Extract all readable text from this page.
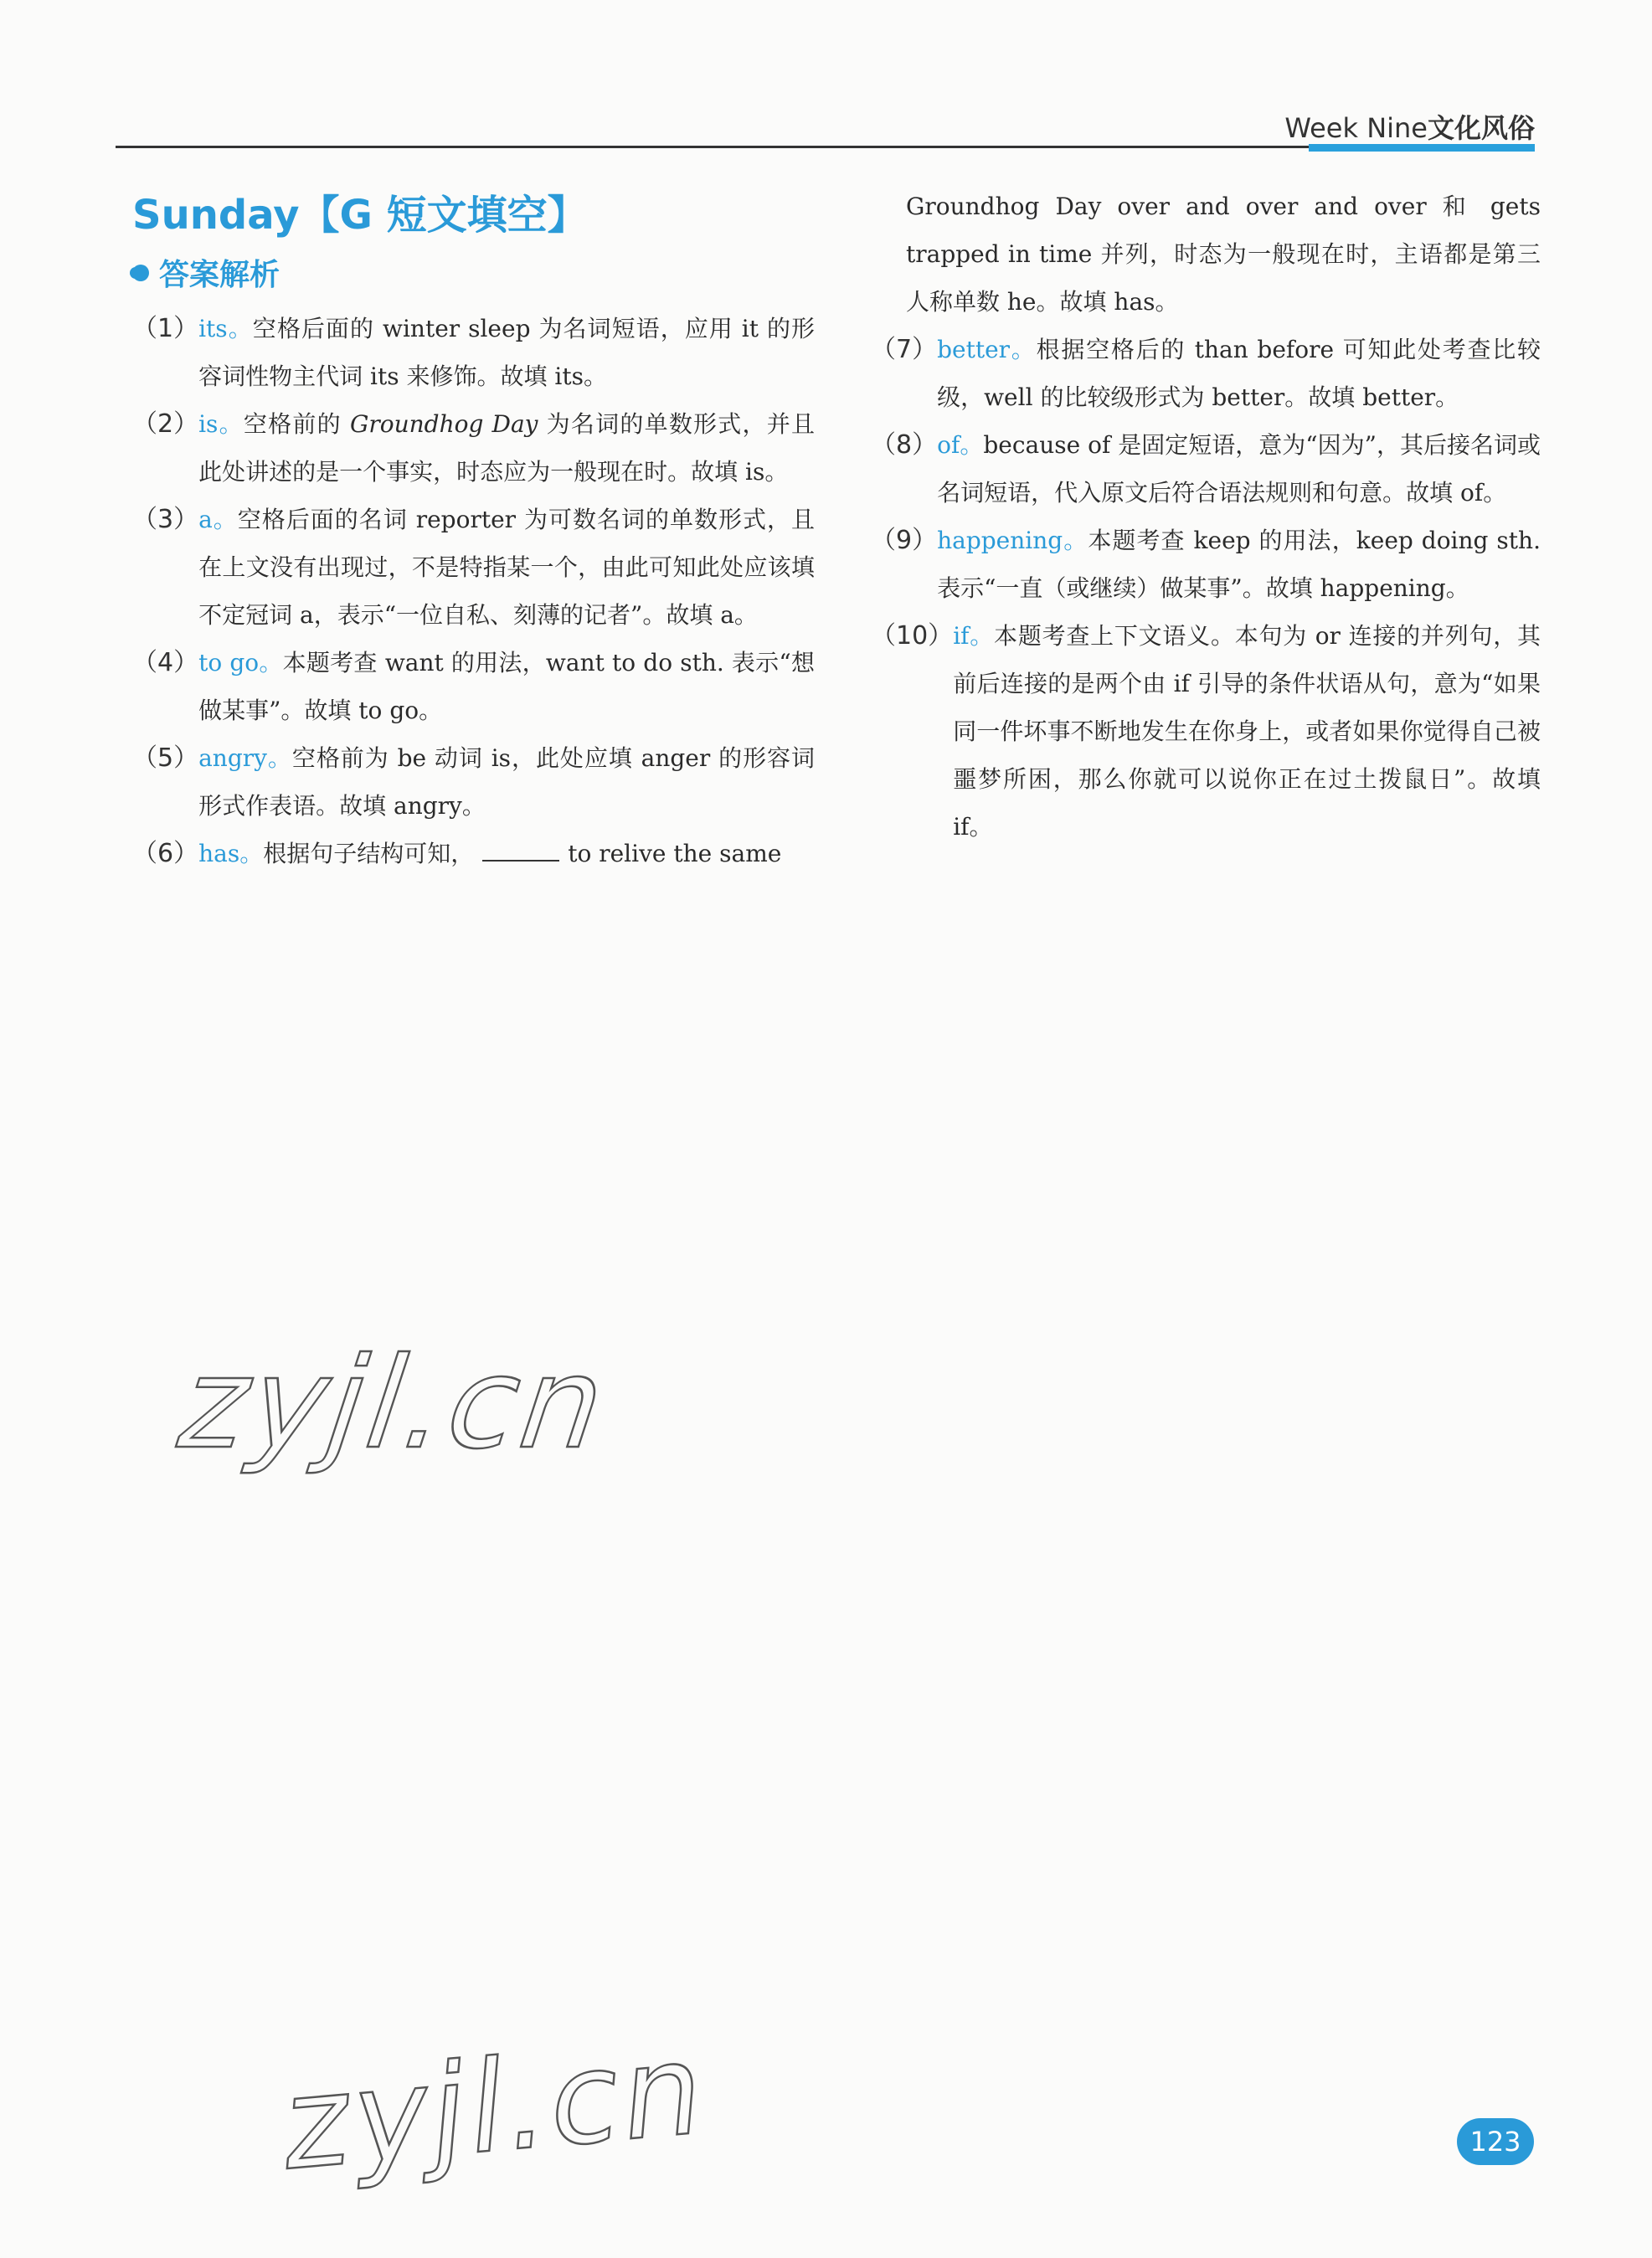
Week Nine文化风俗
Sunday【G 短文填空】
答案解析
（1） its。空格后面的 winter sleep 为名词短语，应用 it 的形容词性物主代词 its 来修饰。故填 its。
（2） is。空格前的 Groundhog Day 为名词的单数形式，并且此处讲述的是一个事实，时态应为一般现在时。故填 is。
（3） a。空格后面的名词 reporter 为可数名词的单数形式，且在上文没有出现过，不是特指某一个，由此可知此处应该填不定冠词 a，表示“一位自私、刻薄的记者”。故填 a。
（4） to go。本题考查 want 的用法，want to do sth. 表示“想做某事”。故填 to go。
（5） angry。空格前为 be 动词 is，此处应填 anger 的形容词形式作表语。故填 angry。
（6） has。根据句子结构可知，	to relive the same
Groundhog Day over and over and over 和 gets trapped in time 并列，时态为一般现在时，主语都是第三人称单数 he。故填 has。
（7） better。根据空格后的 than before 可知此处考查比较级，well 的比较级形式为 better。故填 better。
（8） of。because of 是固定短语，意为“因为”，其后接名词或名词短语，代入原文后符合语法规则和句意。故填 of。
（9） happening。本题考查 keep 的用法，keep doing sth. 表示“一直（或继续）做某事”。故填 happening。
（10） if。本题考查上下文语义。本句为 or 连接的并列句，其前后连接的是两个由 if 引导的条件状语从句，意为“如果同一件坏事不断地发生在你身上，或者如果你觉得自己被噩梦所困，那么你就可以说你正在过土拨鼠日”。故填 if。
zyjl.cn
zyjl.cn	123
